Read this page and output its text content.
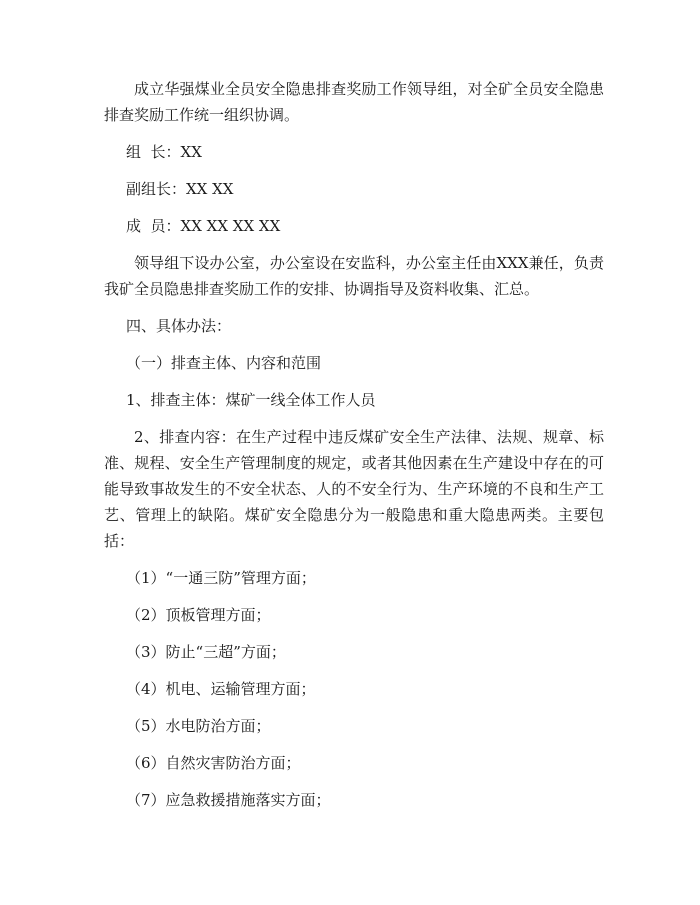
成立华强煤业全员安全隐患排查奖励工作领导组，对全矿全员安全隐患排查奖励工作统一组织协调。

组  长：XX

副组长：XX XX

成  员：XX XX XX XX

领导组下设办公室，办公室设在安监科，办公室主任由XXX兼任，负责我矿全员隐患排查奖励工作的安排、协调指导及资料收集、汇总。

四、具体办法：

（一）排查主体、内容和范围

1、排查主体：煤矿一线全体工作人员

2、排查内容：在生产过程中违反煤矿安全生产法律、法规、规章、标准、规程、安全生产管理制度的规定，或者其他因素在生产建设中存在的可能导致事故发生的不安全状态、人的不安全行为、生产环境的不良和生产工艺、管理上的缺陷。煤矿安全隐患分为一般隐患和重大隐患两类。主要包括：

（1）“一通三防”管理方面；

（2）顶板管理方面；

（3）防止“三超”方面；

（4）机电、运输管理方面；

（5）水电防治方面；

（6）自然灾害防治方面；

（7）应急救援措施落实方面；
